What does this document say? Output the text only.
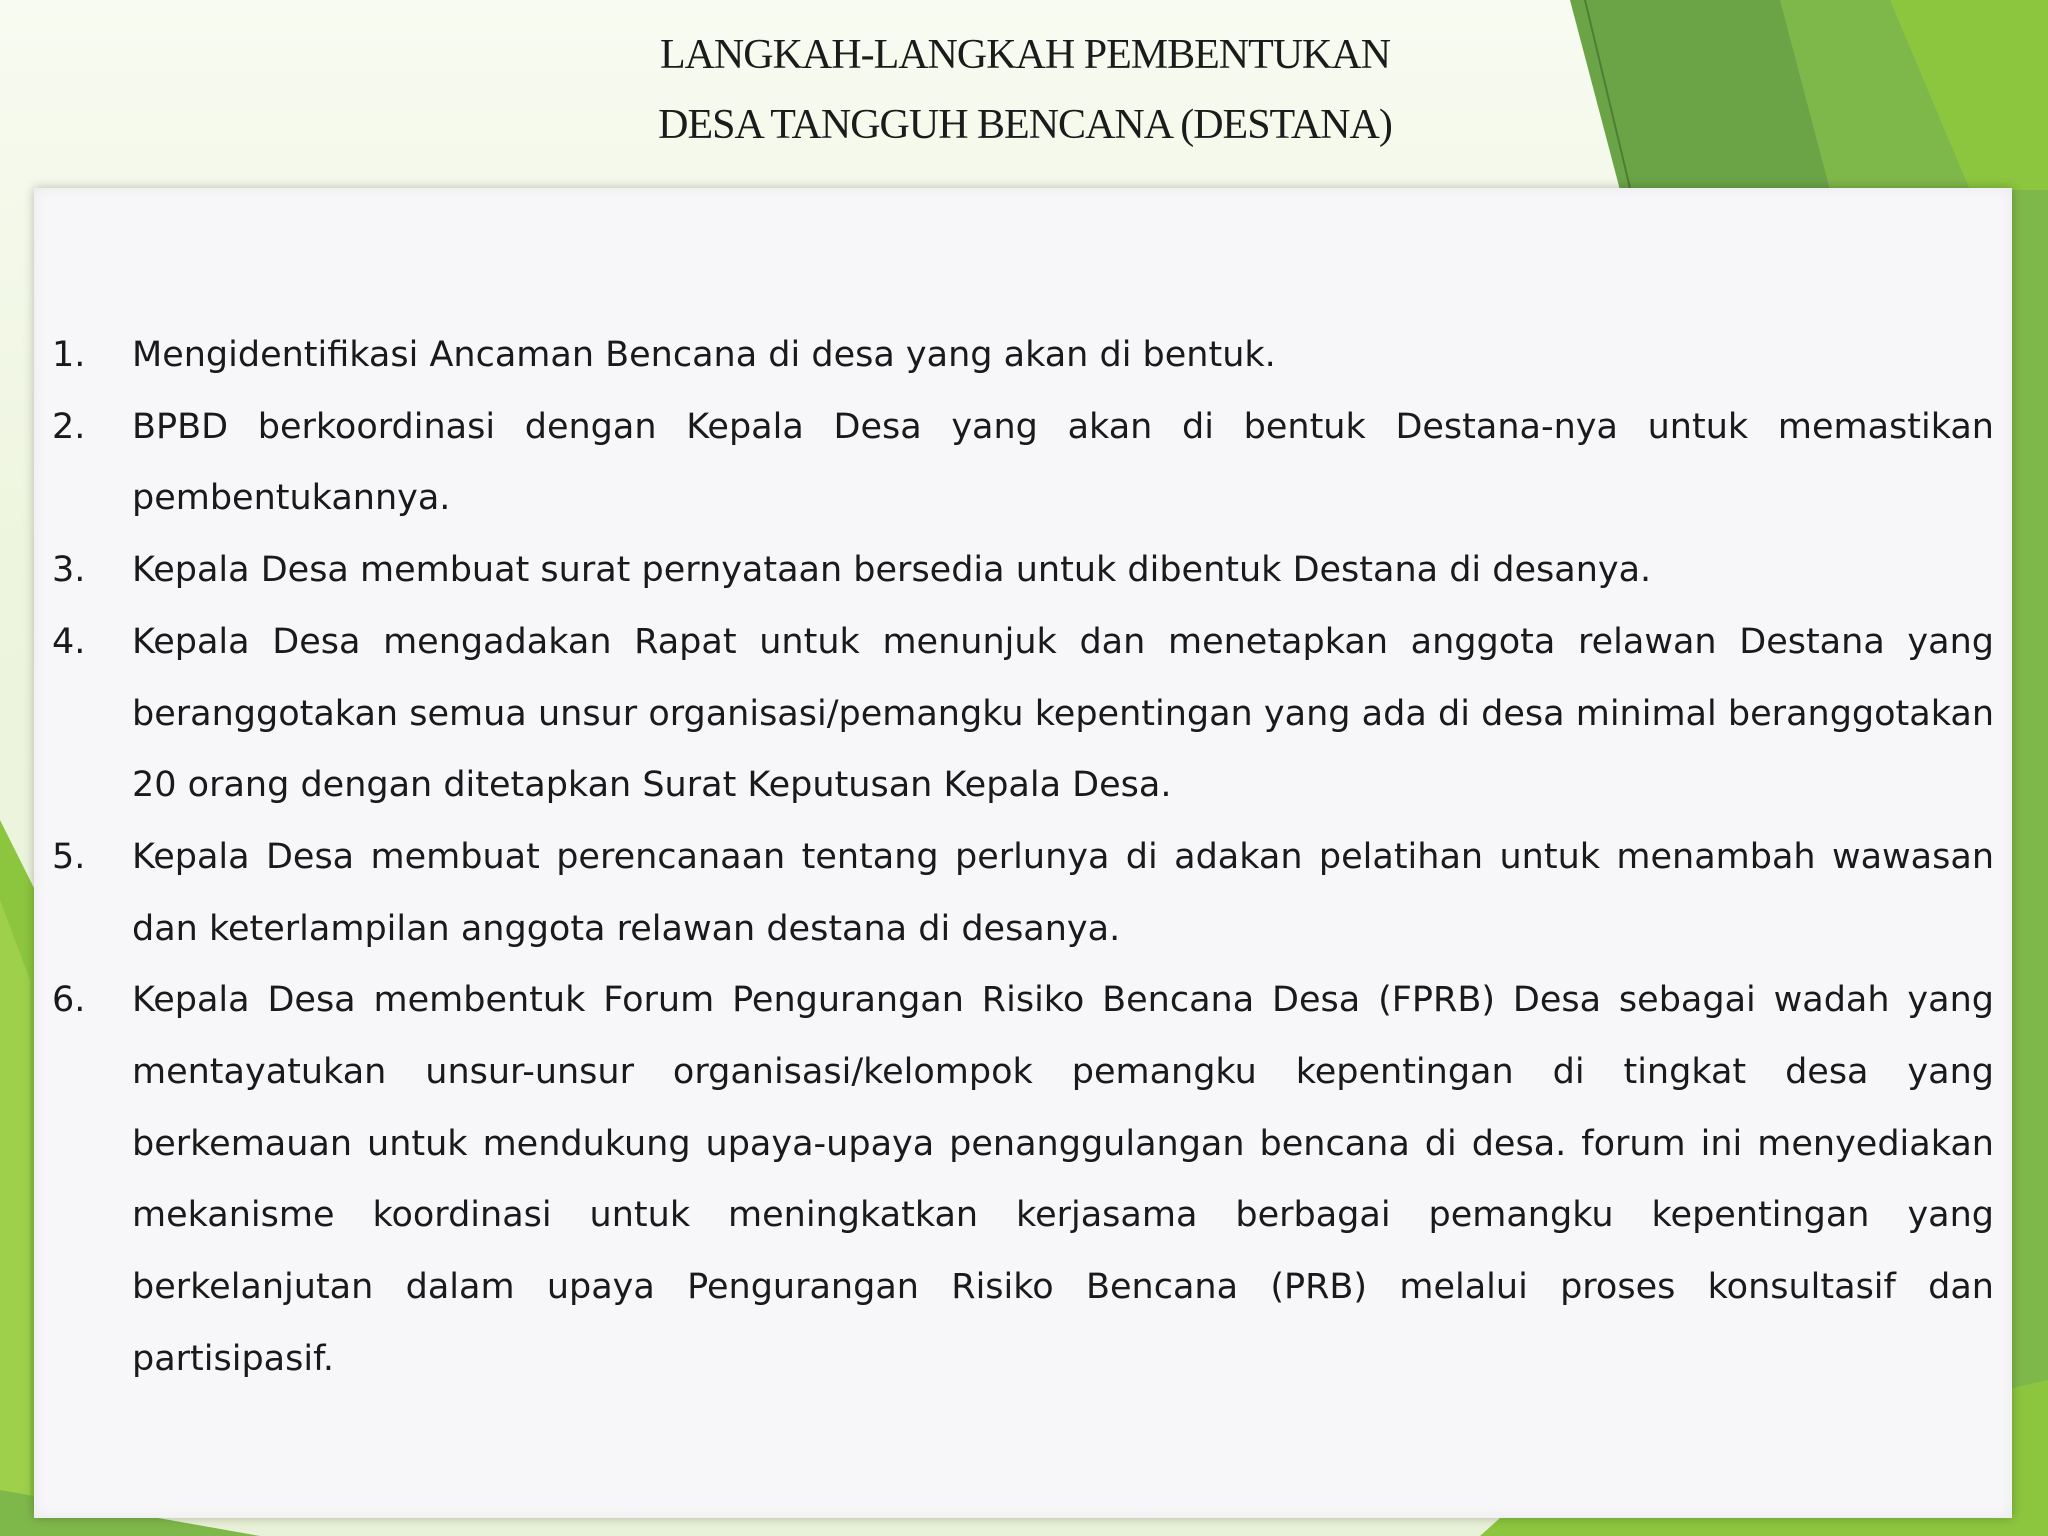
LANGKAH-LANGKAH PEMBENTUKAN
DESA TANGGUH BENCANA (DESTANA)
1.	Mengidentifikasi Ancaman Bencana di desa yang akan di bentuk.
2.	BPBD berkoordinasi dengan Kepala Desa yang akan di bentuk Destana-nya untuk memastikan pembentukannya.
3.	Kepala Desa membuat surat pernyataan bersedia untuk dibentuk Destana di desanya.
4.	Kepala Desa mengadakan Rapat untuk menunjuk dan menetapkan anggota relawan Destana yang beranggotakan semua unsur organisasi/pemangku kepentingan yang ada di desa minimal beranggotakan 20 orang dengan ditetapkan Surat Keputusan Kepala Desa.
5.	Kepala Desa membuat perencanaan tentang perlunya di adakan pelatihan untuk menambah wawasan dan keterlampilan anggota relawan destana di desanya.
6.	Kepala Desa membentuk Forum Pengurangan Risiko Bencana Desa (FPRB) Desa sebagai wadah yang mentayatukan unsur-unsur organisasi/kelompok pemangku kepentingan di tingkat desa yang berkemauan untuk mendukung upaya-upaya penanggulangan bencana di desa. forum ini menyediakan mekanisme koordinasi untuk meningkatkan kerjasama berbagai pemangku kepentingan yang berkelanjutan dalam upaya Pengurangan Risiko Bencana (PRB) melalui proses konsultasif dan partisipasif.
